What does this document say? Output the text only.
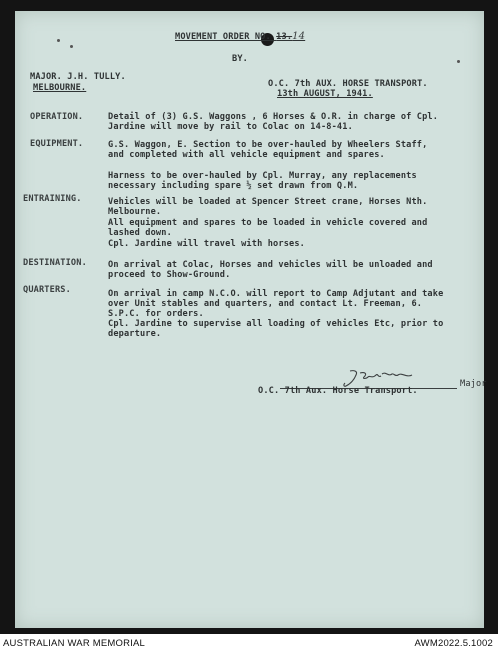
MOVEMENT ORDER NO. 13.14
BY.
MAJOR. J.H. TULLY.
MELBOURNE.	O.C. 7th AUX. HORSE TRANSPORT.
13th AUGUST, 1941.
OPERATION.	Detail of (3) G.S. Waggons , 6 Horses & O.R. in charge of Cpl.
Jardine will move by rail to Colac on 14-8-41.
EQUIPMENT.	G.S. Waggon, E. Section to be over-hauled by Wheelers Staff,
and completed with all vehicle equipment and spares.
Harness to be over-hauled by Cpl. Murray, any replacements
necessary including spare ½ set drawn from Q.M.
ENTRAINING.	Vehicles will be loaded at Spencer Street crane, Horses Nth.
Melbourne.
All equipment and spares to be loaded in vehicle covered and
lashed down.
Cpl. Jardine will travel with horses.
DESTINATION. On arrival at Colac, Horses and vehicles will be unloaded and
proceed to Show-Ground.
QUARTERS.	On arrival in camp N.C.O. will report to Camp Adjutant and take
over Unit stables and quarters, and contact Lt. Freeman, 6.
S.P.C. for orders.
Cpl. Jardine to supervise all loading of vehicles Etc, prior to
departure.
Major
O.C. 7th Aux. Horse Transport.
AUSTRALIAN WAR MEMORIAL	AWM2022.5.1002
